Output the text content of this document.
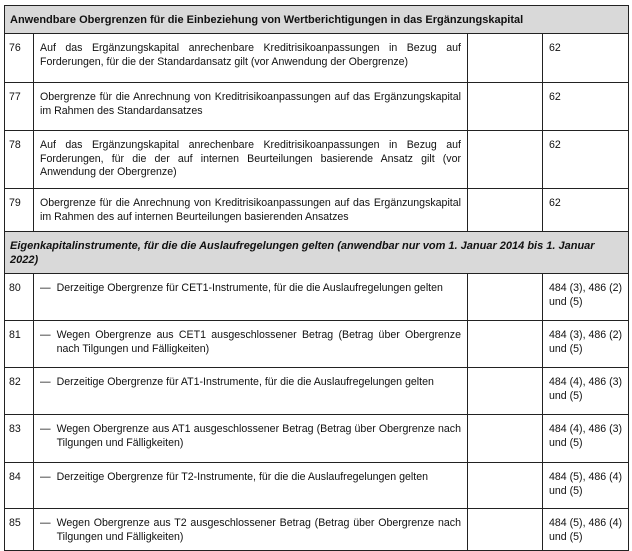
Anwendbare Obergrenzen für die Einbeziehung von Wertberichtigungen in das Ergänzungskapital			
76	Auf das Ergänzungskapital anrechenbare Kreditrisikoanpassungen in Bezug auf Forderungen, für die der Standardansatz gilt (vor Anwendung der Obergrenze)		62
77	Obergrenze für die Anrechnung von Kreditrisikoanpassungen auf das Ergänzungskapital im Rahmen des Standardansatzes		62
78	Auf das Ergänzungskapital anrechenbare Kreditrisikoanpassungen in Bezug auf Forderungen, für die der auf internen Beurteilungen basierende Ansatz gilt (vor Anwendung der Obergrenze)		62
79	Obergrenze für die Anrechnung von Kreditrisikoanpassungen auf das Ergänzungskapital im Rahmen des auf internen Beurteilungen basierenden Ansatzes		62
Eigenkapitalinstrumente, für die die Auslaufregelungen gelten (anwendbar nur vom 1. Januar 2014 bis 1. Januar 2022)			
80	— Derzeitige Obergrenze für CET1-Instrumente, für die die Auslaufregelungen gelten		484 (3), 486 (2) und (5)
81	— Wegen Obergrenze aus CET1 ausgeschlossener Betrag (Betrag über Obergrenze nach Tilgungen und Fälligkeiten)		484 (3), 486 (2) und (5)
82	— Derzeitige Obergrenze für AT1-Instrumente, für die die Auslaufregelungen gelten		484 (4), 486 (3) und (5)
83	— Wegen Obergrenze aus AT1 ausgeschlossener Betrag (Betrag über Obergrenze nach Tilgungen und Fälligkeiten)		484 (4), 486 (3) und (5)
84	— Derzeitige Obergrenze für T2-Instrumente, für die die Auslaufregelungen gelten		484 (5), 486 (4) und (5)
85	— Wegen Obergrenze aus T2 ausgeschlossener Betrag (Betrag über Obergrenze nach Tilgungen und Fälligkeiten)		484 (5), 486 (4) und (5)
